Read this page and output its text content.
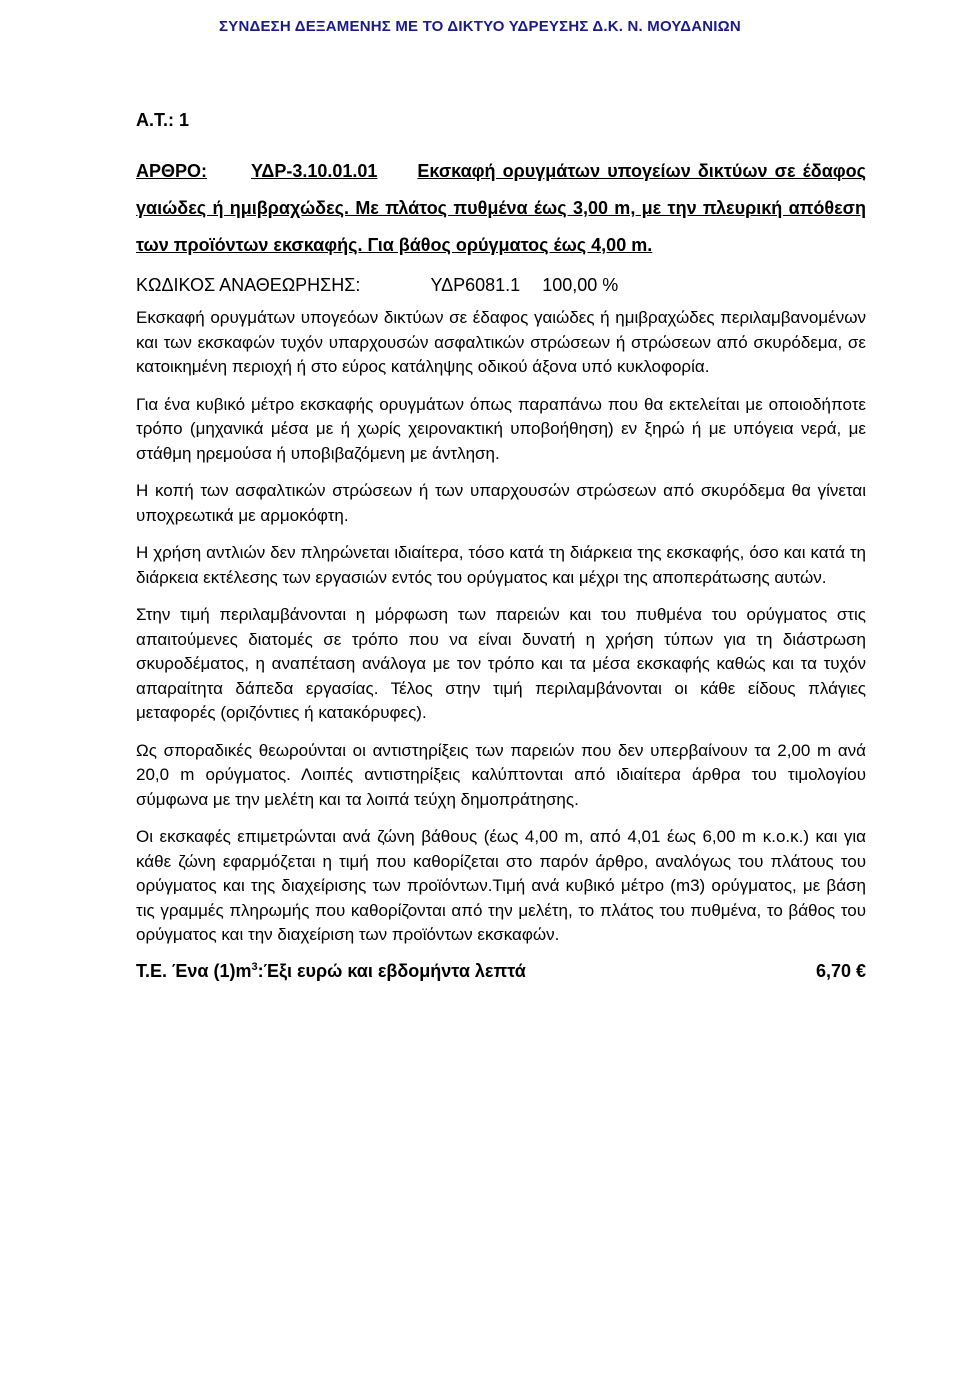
ΣΥΝΔΕΣΗ ΔΕΞΑΜΕΝΗΣ ΜΕ ΤΟ ΔΙΚΤΥΟ ΥΔΡΕΥΣΗΣ Δ.Κ. Ν. ΜΟΥΔΑΝΙΩΝ
Α.Τ.: 1
ΑΡΘΡΟ: ΥΔΡ-3.10.01.01 Εκσκαφή ορυγμάτων υπογείων δικτύων σε έδαφος γαιώδες ή ημιβραχώδες. Με πλάτος πυθμένα έως 3,00 m, με την πλευρική απόθεση των προϊόντων εκσκαφής. Για βάθος ορύγματος έως 4,00 m.
ΚΩΔΙΚΟΣ ΑΝΑΘΕΩΡΗΣΗΣ:	ΥΔΡ6081.1 100,00 %

Εκσκαφή ορυγμάτων υπογεόων δικτύων σε έδαφος γαιώδες ή ημιβραχώδες περιλαμβανομένων και των εκσκαφών τυχόν υπαρχουσών ασφαλτικών στρώσεων ή στρώσεων από σκυρόδεμα, σε κατοικημένη περιοχή ή στο εύρος κατάληψης οδικού άξονα υπό κυκλοφορία.

Για ένα κυβικό μέτρο εκσκαφής ορυγμάτων όπως παραπάνω που θα εκτελείται με οποιοδήποτε τρόπο (μηχανικά μέσα με ή χωρίς χειρονακτική υποβοήθηση) εν ξηρώ ή με υπόγεια νερά, με στάθμη ηρεμούσα ή υποβιβαζόμενη με άντληση.

Η κοπή των ασφαλτικών στρώσεων ή των υπαρχουσών στρώσεων από σκυρόδεμα θα γίνεται υποχρεωτικά με αρμοκόφτη.

Η χρήση αντλιών δεν πληρώνεται ιδιαίτερα, τόσο κατά τη διάρκεια της εκσκαφής, όσο και κατά τη διάρκεια εκτέλεσης των εργασιών εντός του ορύγματος και μέχρι της αποπεράτωσης αυτών.

Στην τιμή περιλαμβάνονται η μόρφωση των παρειών και του πυθμένα του ορύγματος στις απαιτούμενες διατομές σε τρόπο που να είναι δυνατή η χρήση τύπων για τη διάστρωση σκυροδέματος, η αναπέταση ανάλογα με τον τρόπο και τα μέσα εκσκαφής καθώς και τα τυχόν απαραίτητα δάπεδα εργασίας. Τέλος στην τιμή περιλαμβάνονται οι κάθε είδους πλάγιες μεταφορές (οριζόντιες ή κατακόρυφες).

Ως σποραδικές θεωρούνται οι αντιστηρίξεις των παρειών που δεν υπερβαίνουν τα 2,00 m ανά 20,0 m ορύγματος. Λοιπές αντιστηρίξεις καλύπτονται από ιδιαίτερα άρθρα του τιμολογίου σύμφωνα με την μελέτη και τα λοιπά τεύχη δημοπράτησης.

Οι εκσκαφές επιμετρώνται ανά ζώνη βάθους (έως 4,00 m, από 4,01 έως 6,00 m κ.ο.κ.) και για κάθε ζώνη εφαρμόζεται η τιμή που καθορίζεται στο παρόν άρθρο, αναλόγως του πλάτους του ορύγματος και της διαχείρισης των προϊόντων.Τιμή ανά κυβικό μέτρο (m3) ορύγματος, με βάση τις γραμμές πληρωμής που καθορίζονται από την μελέτη, το πλάτος του πυθμένα, το βάθος του ορύγματος και την διαχείριση των προϊόντων εκσκαφών.

Τ.Ε. Ένα $(1)m^3:Έ\xi\iota$ ευρώ και εβδομήντα λεπτά	6,70 €
